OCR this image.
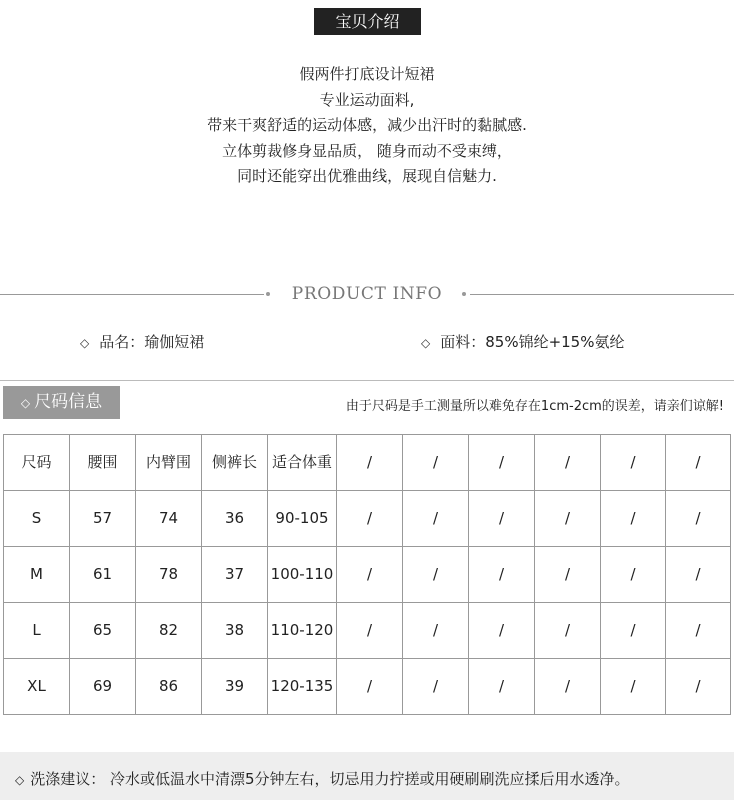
宝贝介绍
假两件打底设计短裙
专业运动面料,
带来干爽舒适的运动体感，减少出汗时的黏腻感.
立体剪裁修身显品质， 随身而动不受束缚，
同时还能穿出优雅曲线，展现自信魅力.
PRODUCT INFO
◇ 品名：瑜伽短裙	◇ 面料：85%锦纶+15%氨纶
◇ 尺码信息	由于尺码是手工测量所以难免存在1cm-2cm的误差，请亲们谅解!
尺码	腰围	内臂围	侧裤长	适合体重	/	/	/	/	/	/
S	57	74	36	90-105	/	/	/	/	/	/
M	61	78	37	100-110	/	/	/	/	/	/
L	65	82	38	110-120	/	/	/	/	/	/
XL	69	86	39	120-135	/	/	/	/	/	/
◇ 洗涤建议： 冷水或低温水中清漂5分钟左右，切忌用力拧搓或用硬刷刷洗应揉后用水透净。
